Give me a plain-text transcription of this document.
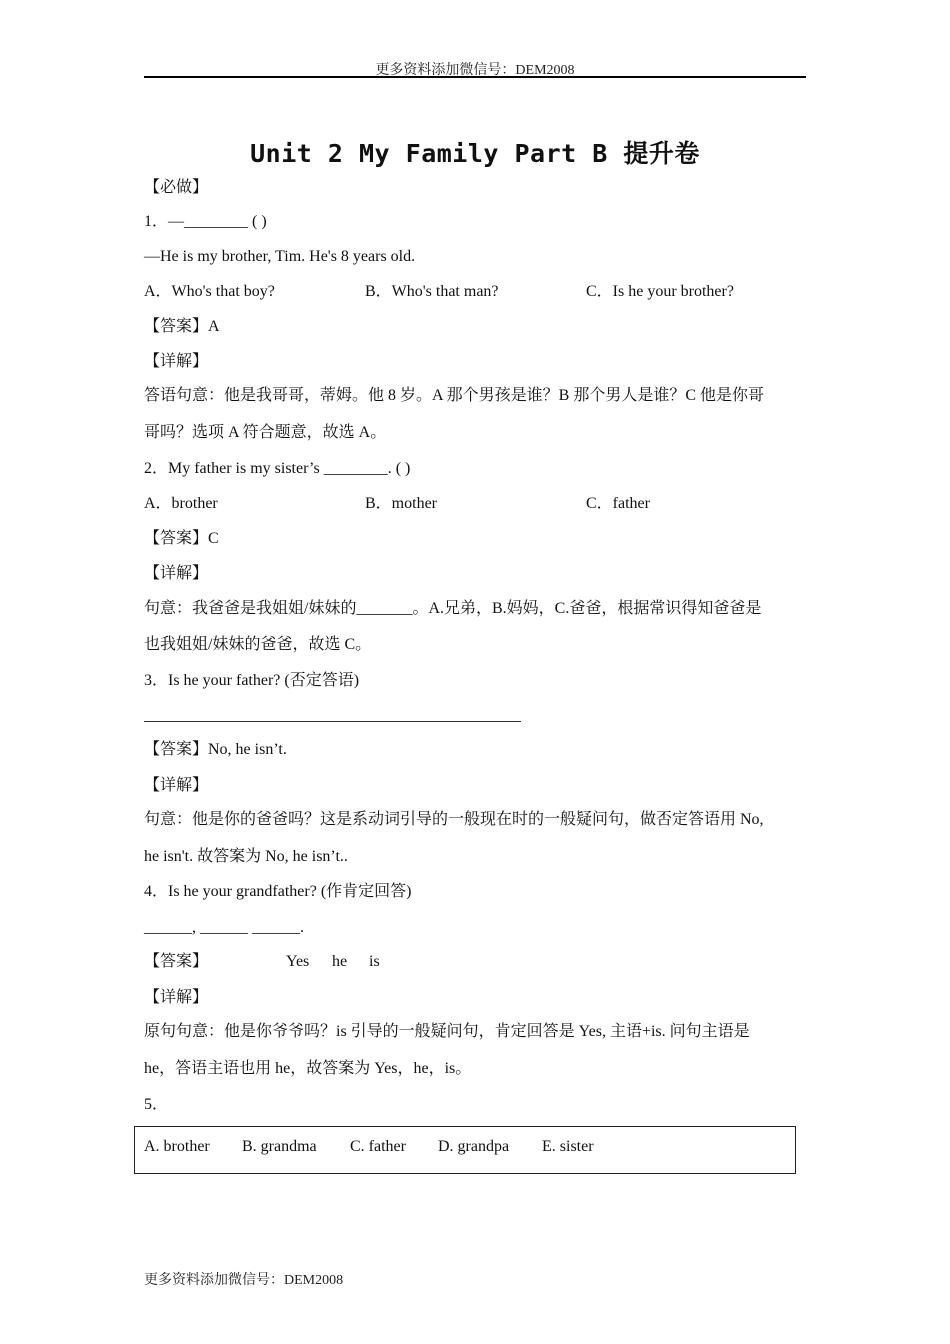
更多资料添加微信号：DEM2008
Unit 2 My Family Part B 提升卷
【必做】
1．—________ ( )
—He is my brother, Tim. He's 8 years old.
A．Who's that boy?	B．Who's that man?	C．Is he your brother?
【答案】A
【详解】
答语句意：他是我哥哥，蒂姆。他 8 岁。A 那个男孩是谁？B 那个男人是谁？C 他是你哥
哥吗？选项 A 符合题意，故选 A。
2．My father is my sister’s ________. ( )
A．brother	B．mother	C．father
【答案】C
【详解】
句意：我爸爸是我姐姐/妹妹的_______。A.兄弟，B.妈妈，C.爸爸，根据常识得知爸爸是
也我姐姐/妹妹的爸爸，故选 C。
3．Is he your father? (否定答语)
【答案】No, he isn’t.
【详解】
句意：他是你的爸爸吗？这是系动词引导的一般现在时的一般疑问句，做否定答语用 No,
he isn't. 故答案为 No, he isn’t..
4．Is he your grandfather? (作肯定回答)
______, ______ ______.
【答案】	Yes he is
【详解】
原句句意：他是你爷爷吗？is 引导的一般疑问句，肯定回答是 Yes, 主语+is. 问句主语是
he，答语主语也用 he，故答案为 Yes，he，is。
5．
A. brother B. grandma C. father D. grandpa E. sister
更多资料添加微信号：DEM2008
